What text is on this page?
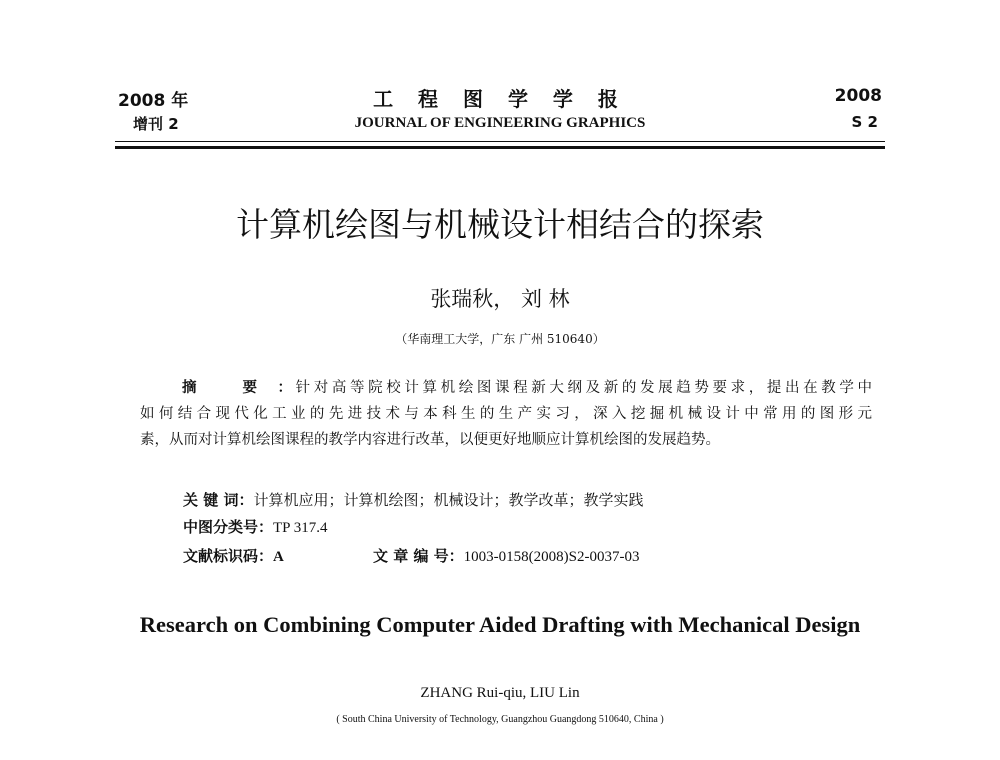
2008 年
增刊 2
工 程 图 学 学 报
JOURNAL OF ENGINEERING GRAPHICS
2008
S 2
计算机绘图与机械设计相结合的探索
张瑞秋， 刘 林
（华南理工大学，广东 广州 510640）
摘 要：针对高等院校计算机绘图课程新大纲及新的发展趋势要求，提出在教学中
如何结合现代化工业的先进技术与本科生的生产实习，深入挖掘机械设计中常用的图形元
素，从而对计算机绘图课程的教学内容进行改革，以便更好地顺应计算机绘图的发展趋势。
关 键 词：计算机应用；计算机绘图；机械设计；教学改革；教学实践
中图分类号：TP 317.4
文献标识码：A	文 章 编 号：1003-0158(2008)S2-0037-03
Research on Combining Computer Aided Drafting with Mechanical Design
ZHANG Rui-qiu, LIU Lin
( South China University of Technology, Guangzhou Guangdong 510640, China )
